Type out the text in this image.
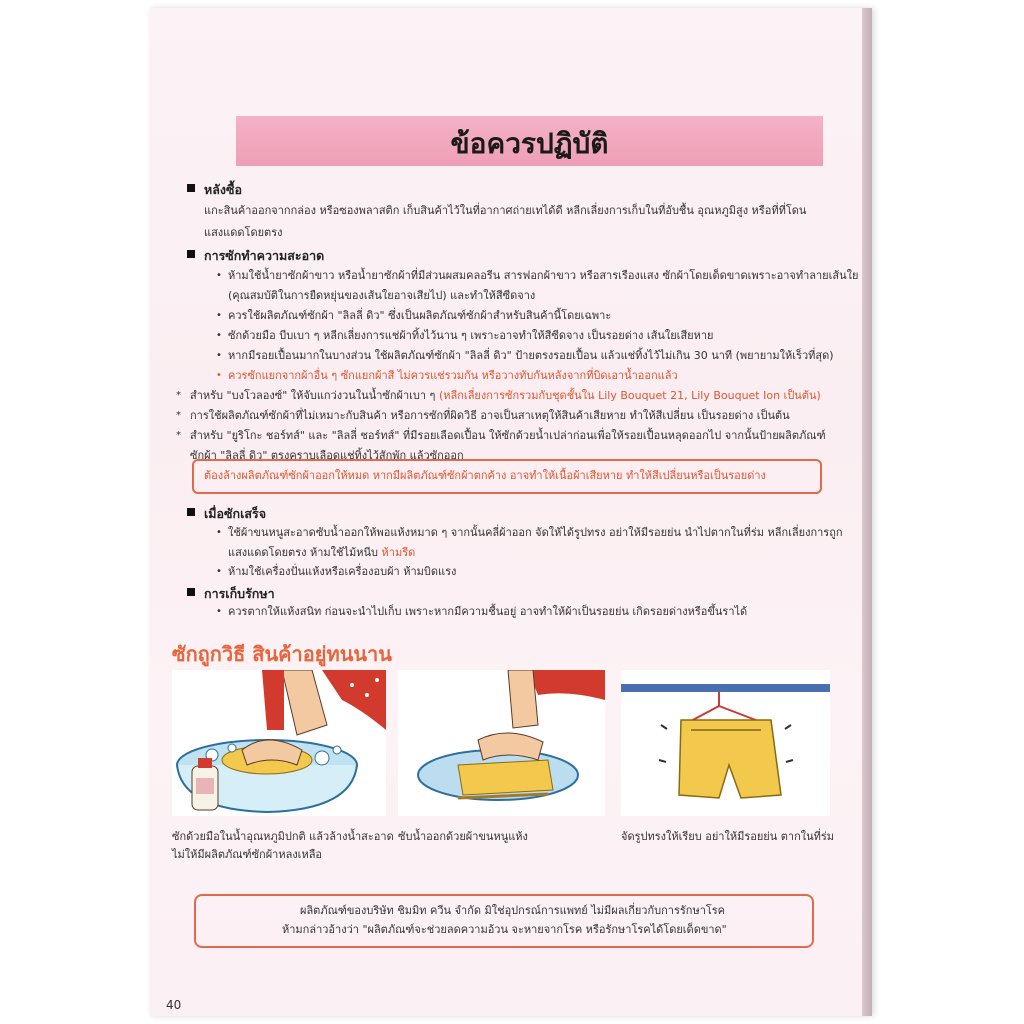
ข้อควรปฏิบัติ
หลังซื้อ
แกะสินค้าออกจากกล่อง หรือซองพลาสติก เก็บสินค้าไว้ในที่อากาศถ่ายเทได้ดี หลีกเลี่ยงการเก็บในที่อับชื้น อุณหภูมิสูง หรือที่ที่โดน
แสงแดดโดยตรง
การซักทำความสะอาด
• ห้ามใช้น้ำยาซักผ้าขาว หรือน้ำยาซักผ้าที่มีส่วนผสมคลอรีน สารฟอกผ้าขาว หรือสารเรืองแสง ซักผ้าโดยเด็ดขาดเพราะอาจทำลายเส้นใย
(คุณสมบัติในการยืดหยุ่นของเส้นใยอาจเสียไป) และทำให้สีซีดจาง
• ควรใช้ผลิตภัณฑ์ซักผ้า "ลิลลี่ ดิว" ซึ่งเป็นผลิตภัณฑ์ซักผ้าสำหรับสินค้านี้โดยเฉพาะ
• ซักด้วยมือ บีบเบา ๆ หลีกเลี่ยงการแช่ผ้าทิ้งไว้นาน ๆ เพราะอาจทำให้สีซีดจาง เป็นรอยด่าง เส้นใยเสียหาย
• หากมีรอยเปื้อนมากในบางส่วน ใช้ผลิตภัณฑ์ซักผ้า "ลิลลี่ ดิว" ป้ายตรงรอยเปื้อน แล้วแช่ทิ้งไว้ไม่เกิน 30 นาที (พยายามให้เร็วที่สุด)
• ควรซักแยกจากผ้าอื่น ๆ ซักแยกผ้าสี ไม่ควรแช่รวมกัน หรือวางทับกันหลังจากที่บิดเอาน้ำออกแล้ว
* สำหรับ "บงโวลองซ์" ให้จับแกว่งวนในน้ำซักผ้าเบา ๆ (หลีกเลี่ยงการซักรวมกับชุดชั้นใน Lily Bouquet 21, Lily Bouquet Ion เป็นต้น)
* การใช้ผลิตภัณฑ์ซักผ้าที่ไม่เหมาะกับสินค้า หรือการซักที่ผิดวิธี อาจเป็นสาเหตุให้สินค้าเสียหาย ทำให้สีเปลี่ยน เป็นรอยด่าง เป็นต้น
* สำหรับ "ยูริโกะ ชอร์ทส์" และ "ลิลลี่ ชอร์ทส์" ที่มีรอยเลือดเปื้อน ให้ซักด้วยน้ำเปล่าก่อนเพื่อให้รอยเปื้อนหลุดออกไป จากนั้นป้ายผลิตภัณฑ์
ซักผ้า "ลิลลี่ ดิว" ตรงคราบเลือดแช่ทิ้งไว้สักพัก แล้วซักออก
ต้องล้างผลิตภัณฑ์ซักผ้าออกให้หมด หากมีผลิตภัณฑ์ซักผ้าตกค้าง อาจทำให้เนื้อผ้าเสียหาย ทำให้สีเปลี่ยนหรือเป็นรอยด่าง
เมื่อซักเสร็จ
• ใช้ผ้าขนหนูสะอาดซับน้ำออกให้พอแห้งหมาด ๆ จากนั้นคลี่ผ้าออก จัดให้ได้รูปทรง อย่าให้มีรอยย่น นำไปตากในที่ร่ม หลีกเลี่ยงการถูก
แสงแดดโดยตรง ห้ามใช้ไม้หนีบ ห้ามรีด
• ห้ามใช้เครื่องปั่นแห้งหรือเครื่องอบผ้า ห้ามบิดแรง
การเก็บรักษา
• ควรตากให้แห้งสนิท ก่อนจะนำไปเก็บ เพราะหากมีความชื้นอยู่ อาจทำให้ผ้าเป็นรอยย่น เกิดรอยด่างหรือขึ้นราได้
ซักถูกวิธี สินค้าอยู่ทนนาน
ซักด้วยมือในน้ำอุณหภูมิปกติ แล้วล้างน้ำสะอาด
ไม่ให้มีผลิตภัณฑ์ซักผ้าหลงเหลือ
ซับน้ำออกด้วยผ้าขนหนูแห้ง	จัดรูปทรงให้เรียบ อย่าให้มีรอยย่น ตากในที่ร่ม
ผลิตภัณฑ์ของบริษัท ชิมมิท ควีน จำกัด มิใช่อุปกรณ์การแพทย์ ไม่มีผลเกี่ยวกับการรักษาโรค
ห้ามกล่าวอ้างว่า "ผลิตภัณฑ์จะช่วยลดความอ้วน จะหายจากโรค หรือรักษาโรคได้โดยเด็ดขาด"
40
